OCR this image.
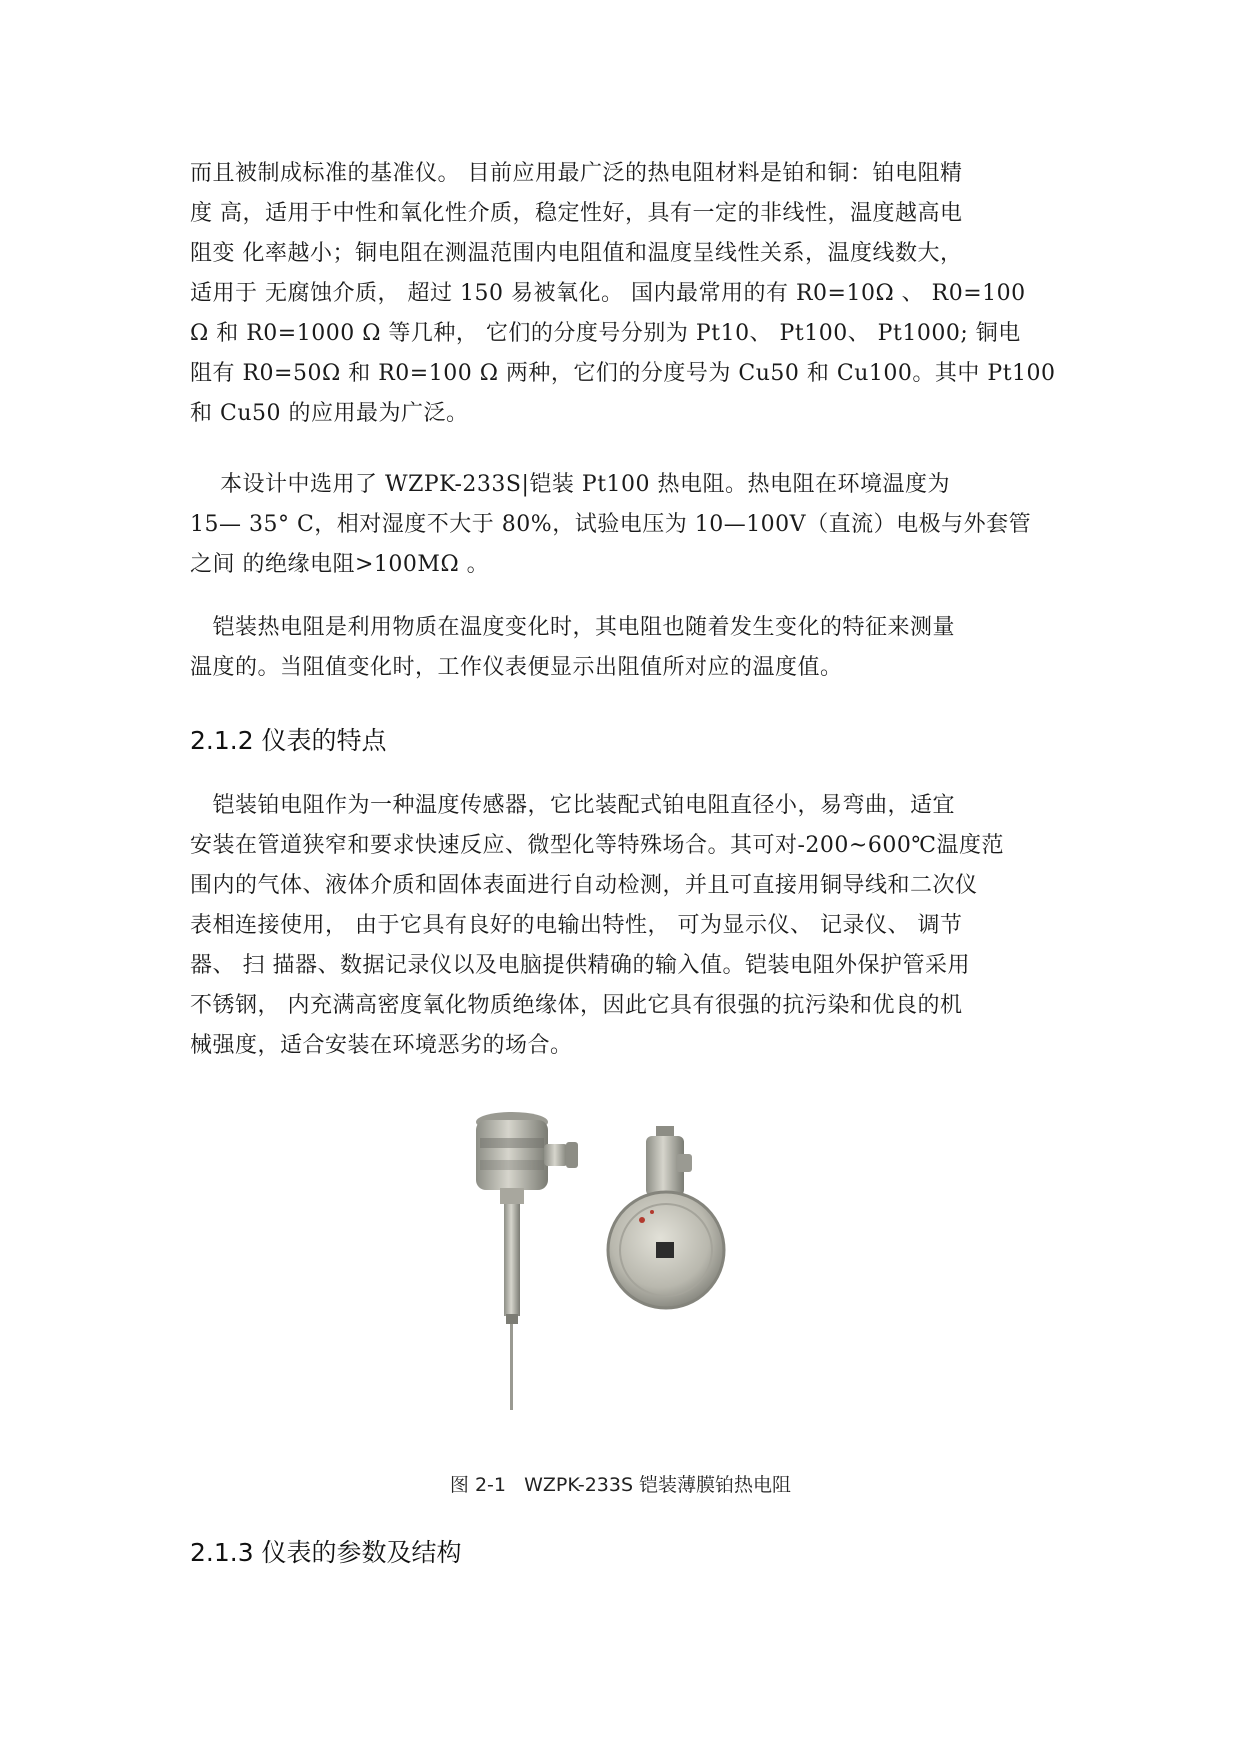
而且被制成标准的基准仪。 目前应用最广泛的热电阻材料是铂和铜：铂电阻精
度 高，适用于中性和氧化性介质，稳定性好，具有一定的非线性，温度越高电
阻变 化率越小；铜电阻在测温范围内电阻值和温度呈线性关系，温度线数大，
适用于 无腐蚀介质， 超过 150 易被氧化。 国内最常用的有 R0=10Ω 、 R0=100
Ω 和 R0=1000 Ω 等几种， 它们的分度号分别为 Pt10、 Pt100、 Pt1000; 铜电
阻有 R0=50Ω 和 R0=100 Ω 两种，它们的分度号为 Cu50 和 Cu100。其中 Pt100
和 Cu50 的应用最为广泛。
本设计中选用了 WZPK-233S|铠装 Pt100 热电阻。热电阻在环境温度为
15— 35° C，相对湿度不大于 80%，试验电压为 10—100V（直流）电极与外套管
之间 的绝缘电阻>100MΩ 。
铠装热电阻是利用物质在温度变化时，其电阻也随着发生变化的特征来测量
温度的。当阻值变化时，工作仪表便显示出阻值所对应的温度值。
2.1.2 仪表的特点
铠装铂电阻作为一种温度传感器，它比装配式铂电阻直径小，易弯曲，适宜
安装在管道狭窄和要求快速反应、微型化等特殊场合。其可对-200~600℃温度范
围内的气体、液体介质和固体表面进行自动检测，并且可直接用铜导线和二次仪
表相连接使用， 由于它具有良好的电输出特性， 可为显示仪、 记录仪、 调节
器、 扫 描器、数据记录仪以及电脑提供精确的输入值。铠装电阻外保护管采用
不锈钢， 内充满高密度氧化物质绝缘体，因此它具有很强的抗污染和优良的机
械强度，适合安装在环境恶劣的场合。
图 2-1   WZPK-233S 铠装薄膜铂热电阻
2.1.3 仪表的参数及结构
